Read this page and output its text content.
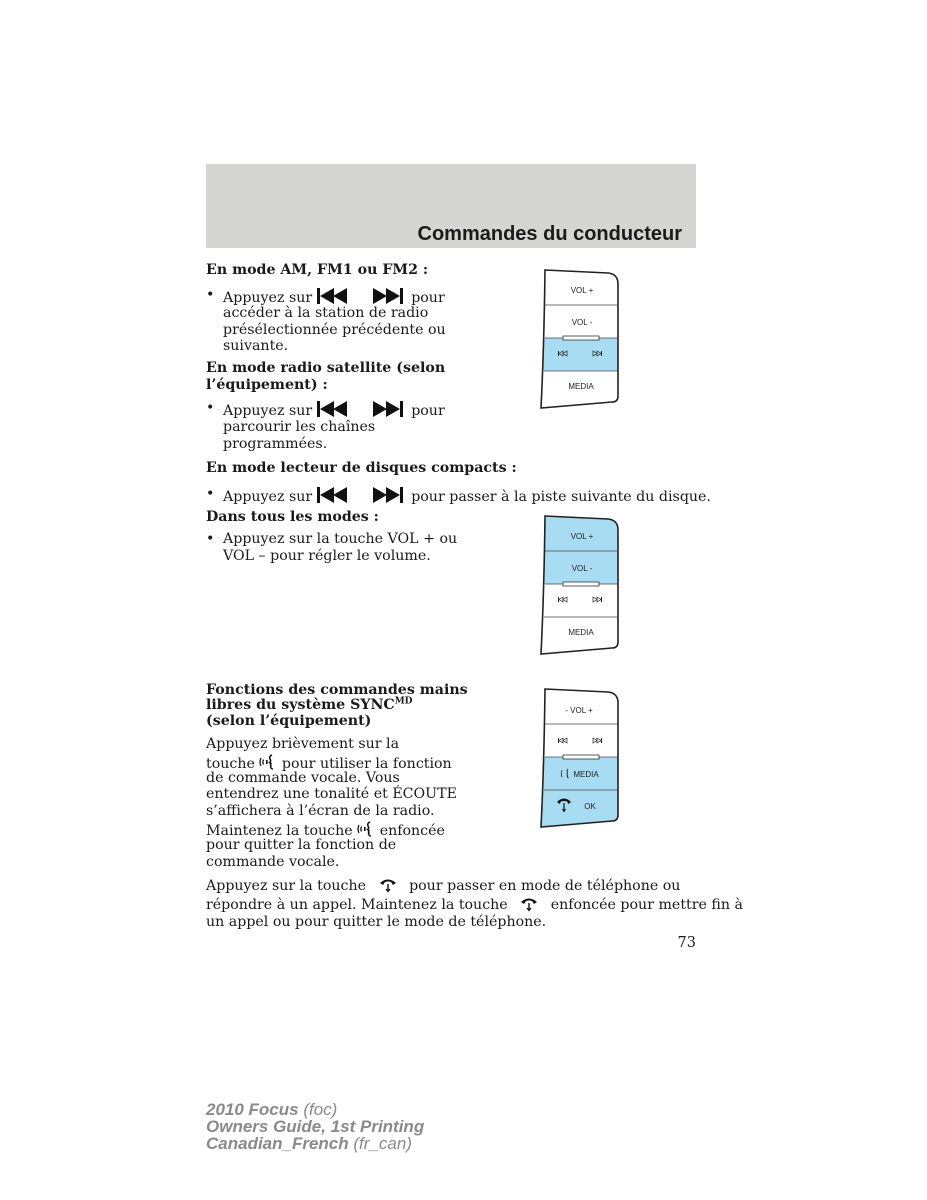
Commandes du conducteur
En mode AM, FM1 ou FM2 :
• Appuyez sur	pour
accéder à la station de radio
présélectionnée précédente ou
suivante.
En mode radio satellite (selon
l’équipement) :
• Appuyez sur	pour
parcourir les chaînes
programmées.
En mode lecteur de disques compacts :
• Appuyez sur	pour passer à la piste suivante du disque.
Dans tous les modes :
• Appuyez sur la touche VOL + ou
VOL – pour régler le volume.
Fonctions des commandes mains
libres du système $SYNC^{MD}$
(selon l’équipement)
Appuyez brièvement sur la
touche pour utiliser la fonction
de commande vocale. Vous
entendrez une tonalité et ÉCOUTE
s’affichera à l’écran de la radio.
Maintenez la touche enfoncée
pour quitter la fonction de
commande vocale.
Appuyez sur la touche	pour passer en mode de téléphone ou
répondre à un appel. Maintenez la touche	enfoncée pour mettre fin à
un appel ou pour quitter le mode de téléphone.
VOL +
VOL -
MEDIA
VOL +
VOL -
MEDIA
- VOL +
MEDIA
OK
73
2010 Focus (foc)
Owners Guide, 1st Printing
Canadian_French (fr_can)
